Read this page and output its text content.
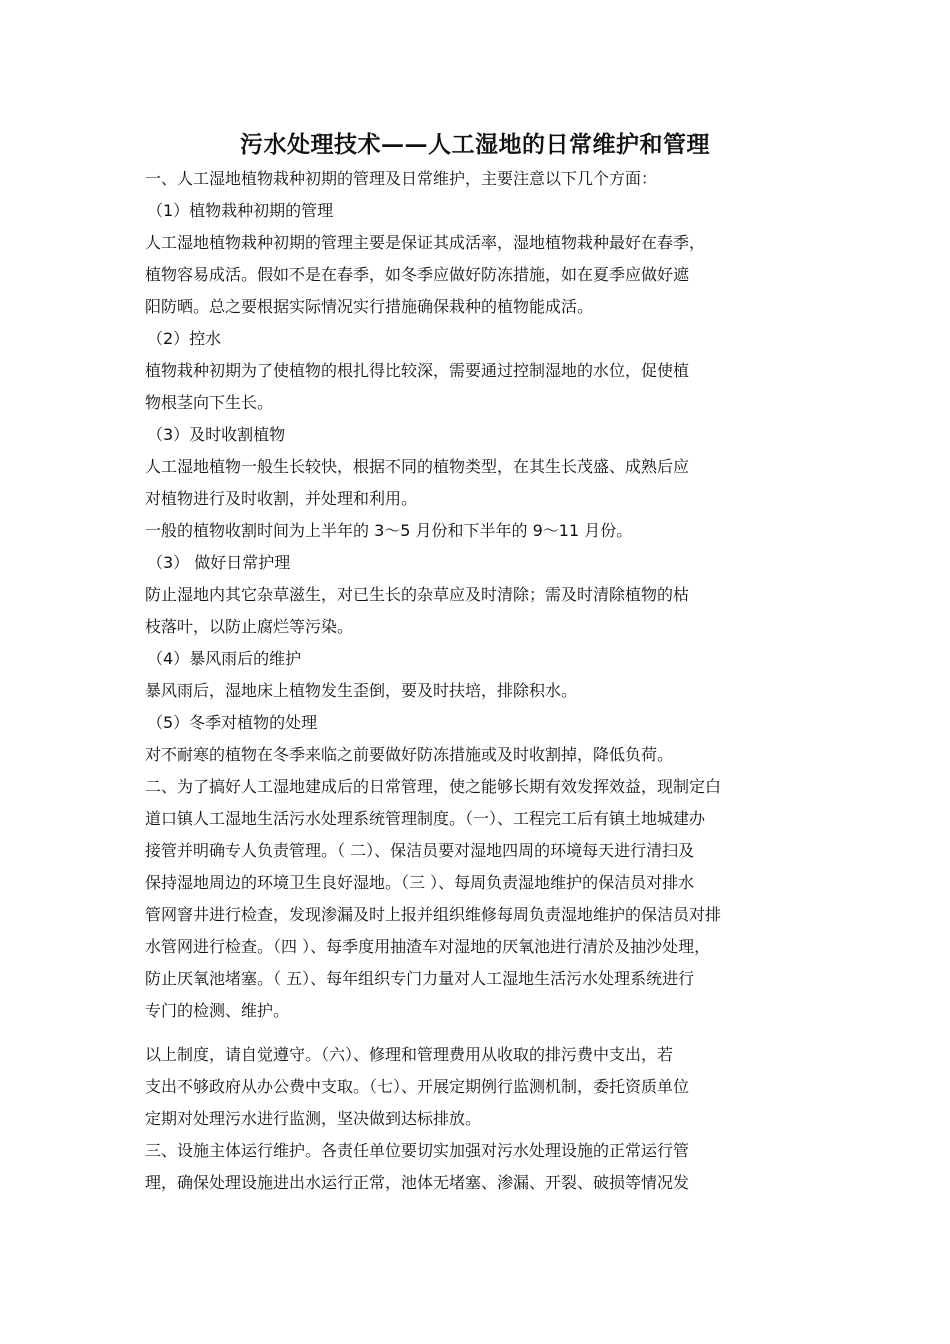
污水处理技术——人工湿地的日常维护和管理
一、人工湿地植物栽种初期的管理及日常维护，主要注意以下几个方面：
（1）植物栽种初期的管理
人工湿地植物栽种初期的管理主要是保证其成活率，湿地植物栽种最好在春季，
植物容易成活。假如不是在春季，如冬季应做好防冻措施，如在夏季应做好遮
阳防晒。总之要根据实际情况实行措施确保栽种的植物能成活。
（2）控水
植物栽种初期为了使植物的根扎得比较深，需要通过控制湿地的水位，促使植
物根茎向下生长。
（3）及时收割植物
人工湿地植物一般生长较快，根据不同的植物类型，在其生长茂盛、成熟后应
对植物进行及时收割，并处理和利用。
一般的植物收割时间为上半年的 3～5 月份和下半年的 9～11 月份。
（3） 做好日常护理
防止湿地内其它杂草滋生，对已生长的杂草应及时清除；需及时清除植物的枯
枝落叶，以防止腐烂等污染。
（4）暴风雨后的维护
暴风雨后，湿地床上植物发生歪倒，要及时扶培，排除积水。
（5）冬季对植物的处理
对不耐寒的植物在冬季来临之前要做好防冻措施或及时收割掉，降低负荷。
二、为了搞好人工湿地建成后的日常管理，使之能够长期有效发挥效益，现制定白
道口镇人工湿地生活污水处理系统管理制度。（一）、工程完工后有镇土地城建办
接管并明确专人负责管理。（ 二）、保洁员要对湿地四周的环境每天进行清扫及
保持湿地周边的环境卫生良好湿地。（三 ）、每周负责湿地维护的保洁员对排水
管网窨井进行检查，发现渗漏及时上报并组织维修每周负责湿地维护的保洁员对排
水管网进行检查。（四 ）、每季度用抽渣车对湿地的厌氧池进行清於及抽沙处理，
防止厌氧池堵塞。（ 五）、每年组织专门力量对人工湿地生活污水处理系统进行
专门的检测、维护。
以上制度，请自觉遵守。（六）、修理和管理费用从收取的排污费中支出，若
支出不够政府从办公费中支取。（七）、开展定期例行监测机制，委托资质单位
定期对处理污水进行监测，坚决做到达标排放。
三、设施主体运行维护。各责任单位要切实加强对污水处理设施的正常运行管
理，确保处理设施进出水运行正常，池体无堵塞、渗漏、开裂、破损等情况发
